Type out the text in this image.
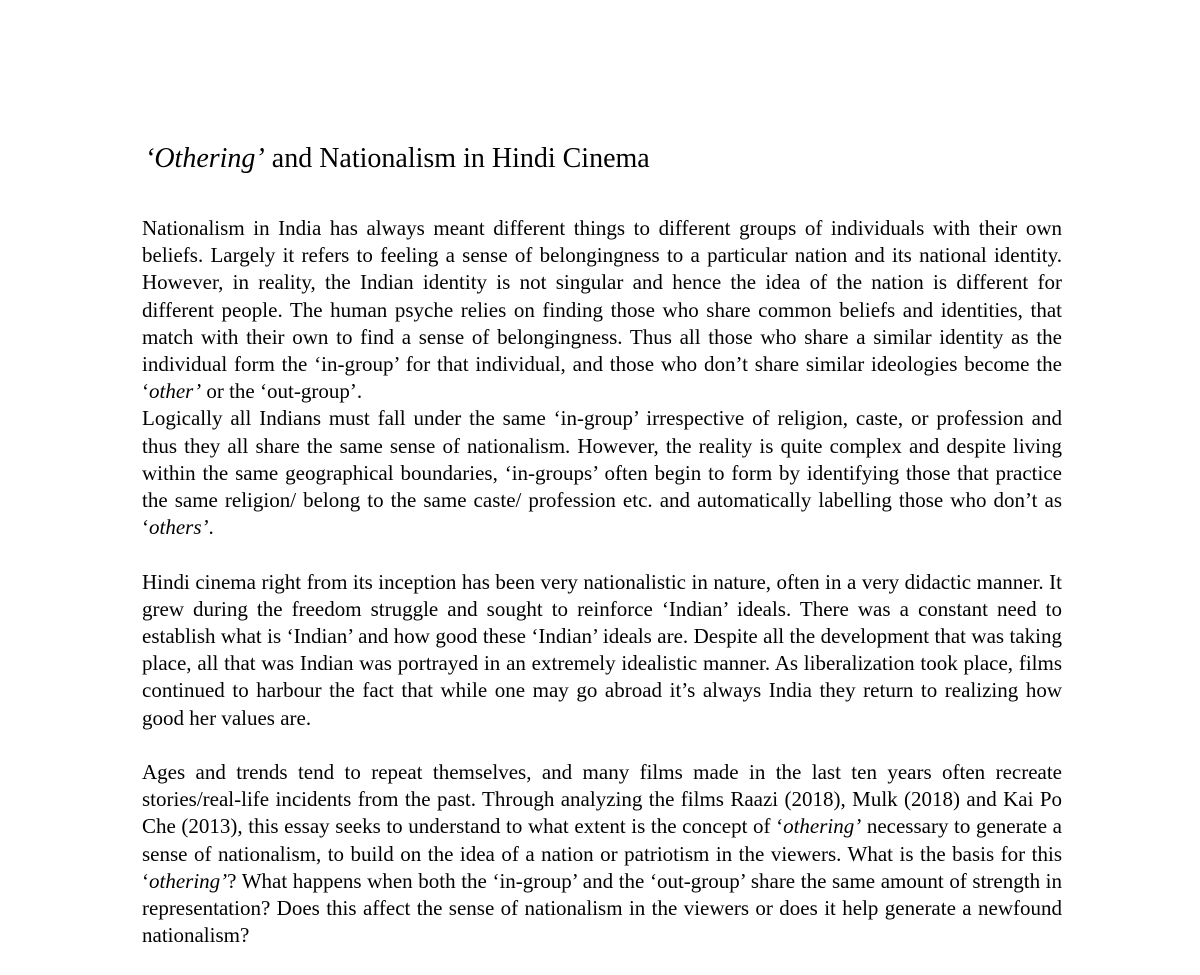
‘Othering’ and Nationalism in Hindi Cinema

Nationalism in India has always meant different things to different groups of individuals with their own beliefs. Largely it refers to feeling a sense of belongingness to a particular nation and its national identity. However, in reality, the Indian identity is not singular and hence the idea of the nation is different for different people. The human psyche relies on finding those who share common beliefs and identities, that match with their own to find a sense of belongingness. Thus all those who share a similar identity as the individual form the ‘in-group’ for that individual, and those who don’t share similar ideologies become the ‘other’ or the ‘out-group’.

Logically all Indians must fall under the same ‘in-group’ irrespective of religion, caste, or profession and thus they all share the same sense of nationalism. However, the reality is quite complex and despite living within the same geographical boundaries, ‘in-groups’ often begin to form by identifying those that practice the same religion/ belong to the same caste/ profession etc. and automatically labelling those who don’t as ‘others’.

Hindi cinema right from its inception has been very nationalistic in nature, often in a very didactic manner. It grew during the freedom struggle and sought to reinforce ‘Indian’ ideals. There was a constant need to establish what is ‘Indian’ and how good these ‘Indian’ ideals are. Despite all the development that was taking place, all that was Indian was portrayed in an extremely idealistic manner. As liberalization took place, films continued to harbour the fact that while one may go abroad it’s always India they return to realizing how good her values are.

Ages and trends tend to repeat themselves, and many films made in the last ten years often recreate stories/real-life incidents from the past. Through analyzing the films Raazi (2018), Mulk (2018) and Kai Po Che (2013), this essay seeks to understand to what extent is the concept of ‘othering’ necessary to generate a sense of nationalism, to build on the idea of a nation or patriotism in the viewers. What is the basis for this ‘othering’? What happens when both the ‘in-group’ and the ‘out-group’ share the same amount of strength in representation? Does this affect the sense of nationalism in the viewers or does it help generate a newfound nationalism?
